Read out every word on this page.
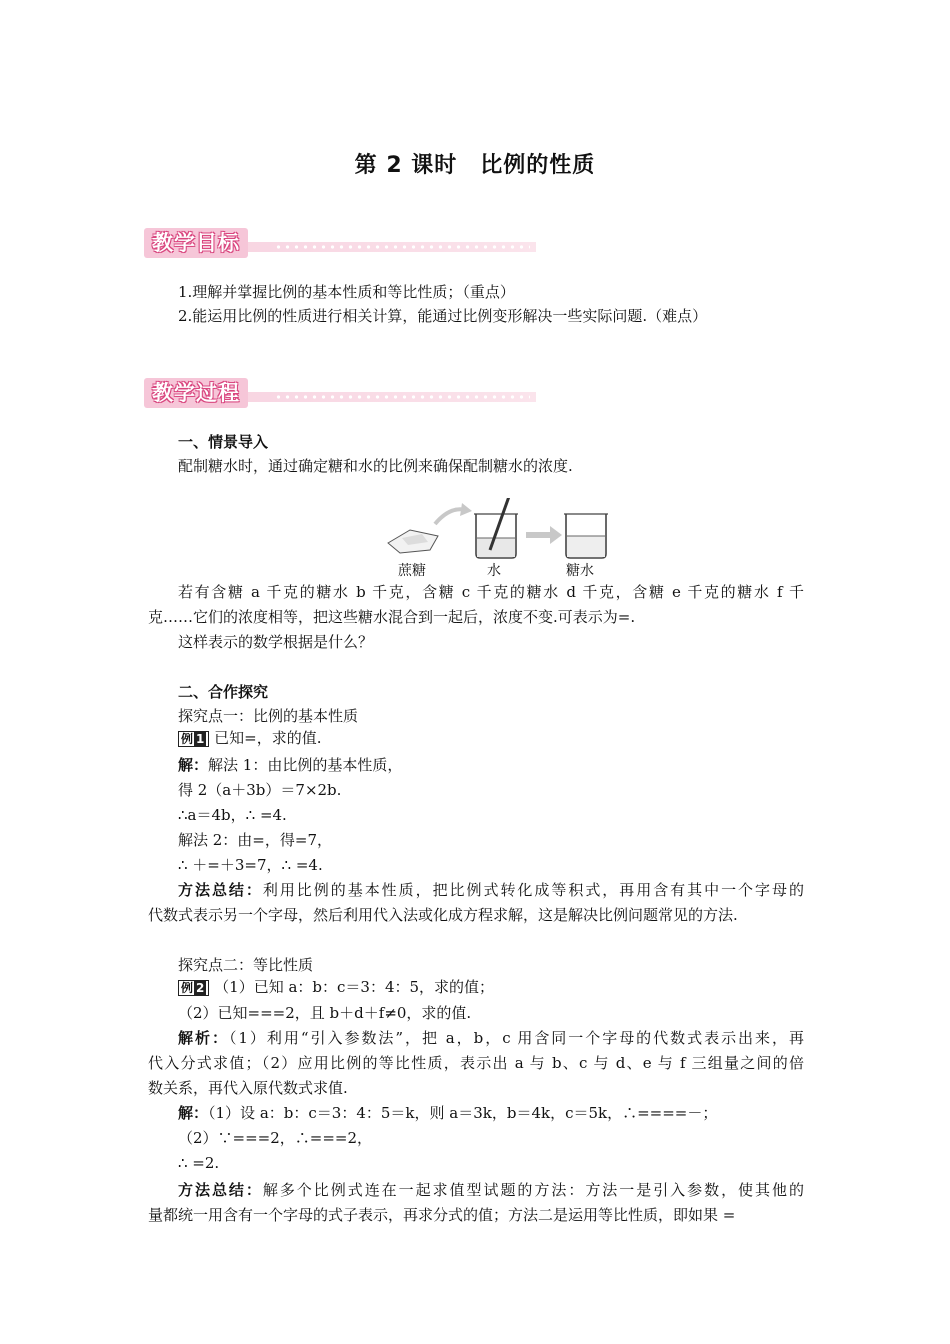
第 2 课时　比例的性质
教学目标
1.理解并掌握比例的基本性质和等比性质；（重点）
2.能运用比例的性质进行相关计算，能通过比例变形解决一些实际问题.（难点）
教学过程
一、情景导入
配制糖水时，通过确定糖和水的比例来确保配制糖水的浓度.
蔗糖	水	糖水
若有含糖 a 千克的糖水 b 千克，含糖 c 千克的糖水 d 千克，含糖 e 千克的糖水 f 千
克……它们的浓度相等，把这些糖水混合到一起后，浓度不变.可表示为=.
这样表示的数学根据是什么？
二、合作探究
探究点一：比例的基本性质
例 1 已知=，求的值.
解：解法 1：由比例的基本性质，
得 2（a＋3b）＝7×2b.
∴a＝4b，∴ =4.
解法 2：由=，得=7，
∴ ＋=＋3=7，∴ =4.
方法总结：利用比例的基本性质，把比例式转化成等积式，再用含有其中一个字母的
代数式表示另一个字母，然后利用代入法或化成方程求解，这是解决比例问题常见的方法.
探究点二：等比性质
例 2 （1）已知 a：b：c＝3：4：5，求的值；
（2）已知===2，且 b＋d＋f≠0，求的值.
解析：（1）利用“引入参数法”，把 a，b，c 用含同一个字母的代数式表示出来，再
代入分式求值；（2）应用比例的等比性质，表示出 a 与 b、c 与 d、e 与 f 三组量之间的倍
数关系，再代入原代数式求值.
解：（1）设 a：b：c＝3：4：5＝k，则 a＝3k，b＝4k，c＝5k，∴====－；
（2）∵===2，∴===2，
∴ =2.
方法总结：解多个比例式连在一起求值型试题的方法：方法一是引入参数，使其他的
量都统一用含有一个字母的式子表示，再求分式的值；方法二是运用等比性质，即如果 =
